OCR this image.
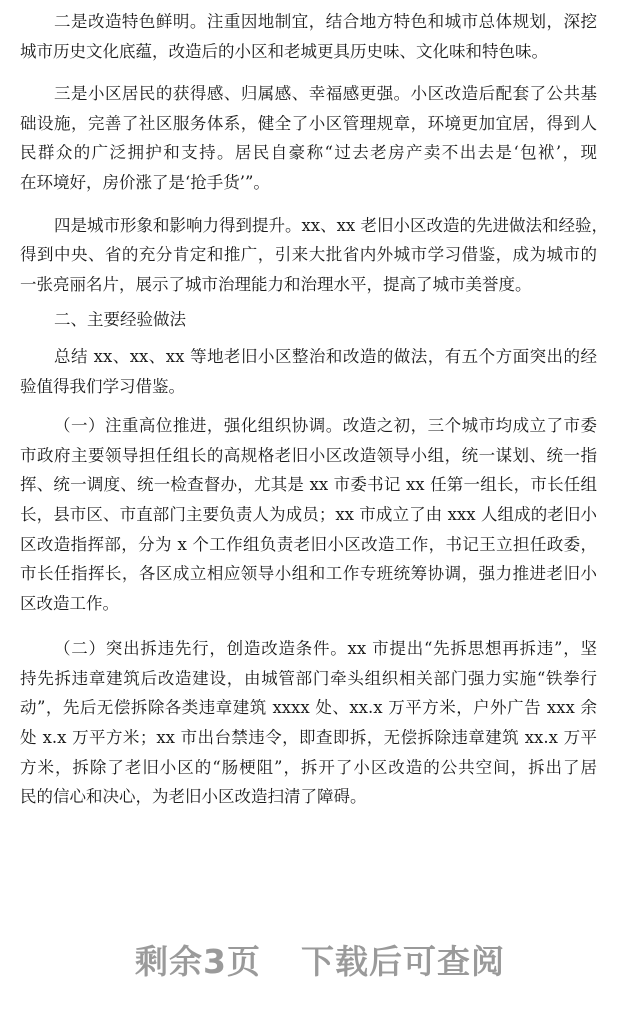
二是改造特色鲜明。注重因地制宜，结合地方特色和城市总体规划，深挖
城市历史文化底蕴，改造后的小区和老城更具历史味、文化味和特色味。
三是小区居民的获得感、归属感、幸福感更强。小区改造后配套了公共基
础设施，完善了社区服务体系，健全了小区管理规章，环境更加宜居，得到人
民群众的广泛拥护和支持。居民自豪称“过去老房产卖不出去是‘包袱’，现
在环境好，房价涨了是‘抢手货’”。
四是城市形象和影响力得到提升。xx、xx 老旧小区改造的先进做法和经验，
得到中央、省的充分肯定和推广，引来大批省内外城市学习借鉴，成为城市的
一张亮丽名片，展示了城市治理能力和治理水平，提高了城市美誉度。
二、主要经验做法
总结 xx、xx、xx 等地老旧小区整治和改造的做法，有五个方面突出的经
验值得我们学习借鉴。
（一）注重高位推进，强化组织协调。改造之初，三个城市均成立了市委
市政府主要领导担任组长的高规格老旧小区改造领导小组，统一谋划、统一指
挥、统一调度、统一检查督办，尤其是 xx 市委书记 xx 任第一组长，市长任组
长，县市区、市直部门主要负责人为成员；xx 市成立了由 xxx 人组成的老旧小
区改造指挥部，分为 x 个工作组负责老旧小区改造工作，书记王立担任政委，
市长任指挥长，各区成立相应领导小组和工作专班统筹协调，强力推进老旧小
区改造工作。
（二）突出拆违先行，创造改造条件。xx 市提出“先拆思想再拆违”，坚
持先拆违章建筑后改造建设，由城管部门牵头组织相关部门强力实施“铁拳行
动”，先后无偿拆除各类违章建筑 xxxx 处、xx.x 万平方米，户外广告 xxx 余
处 x.x 万平方米；xx 市出台禁违令，即查即拆，无偿拆除违章建筑 xx.x 万平
方米，拆除了老旧小区的“肠梗阻”，拆开了小区改造的公共空间，拆出了居
民的信心和决心，为老旧小区改造扫清了障碍。
剩余3页 下载后可查阅
